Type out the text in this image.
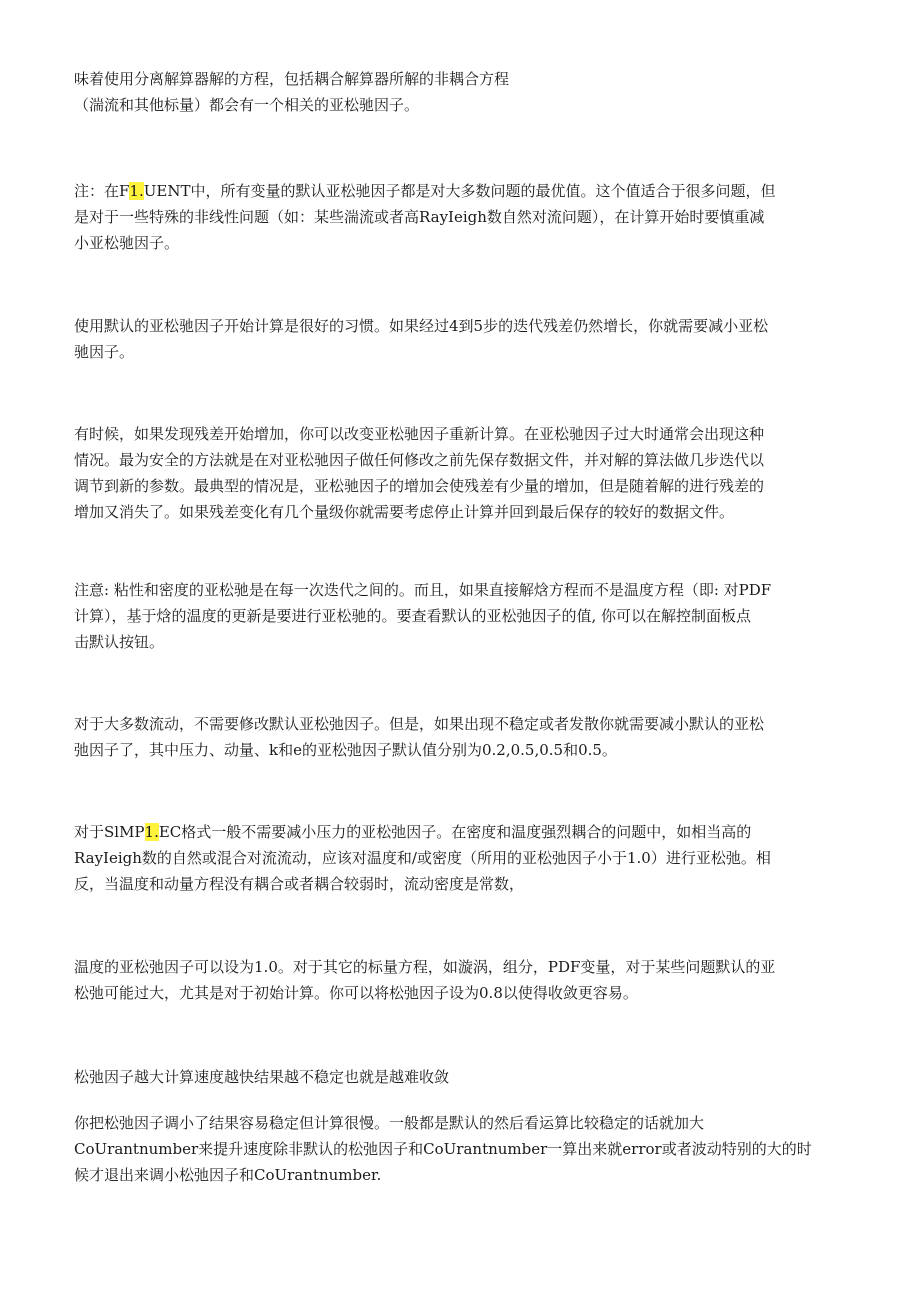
味着使用分离解算器解的方程，包括耦合解算器所解的非耦合方程
（湍流和其他标量）都会有一个相关的亚松驰因子。
注：在F1.UENT中，所有变量的默认亚松驰因子都是对大多数问题的最优值。这个值适合于很多问题，但
是对于一些特殊的非线性问题（如：某些湍流或者高RayIeigh数自然对流问题），在计算开始时要慎重减
小亚松驰因子。
使用默认的亚松驰因子开始计算是很好的习惯。如果经过4到5步的迭代残差仍然增长，你就需要减小亚松
驰因子。
有时候，如果发现残差开始增加，你可以改变亚松驰因子重新计算。在亚松驰因子过大时通常会出现这种
情况。最为安全的方法就是在对亚松驰因子做任何修改之前先保存数据文件，并对解的算法做几步迭代以
调节到新的参数。最典型的情况是，亚松驰因子的增加会使残差有少量的增加，但是随着解的进行残差的
增加又消失了。如果残差变化有几个量级你就需要考虑停止计算并回到最后保存的较好的数据文件。
注意: 粘性和密度的亚松驰是在每一次迭代之间的。而且，如果直接解焓方程而不是温度方程（即: 对PDF
计算），基于焓的温度的更新是要进行亚松驰的。要查看默认的亚松弛因子的值, 你可以在解控制面板点
击默认按钮。
对于大多数流动，不需要修改默认亚松弛因子。但是，如果出现不稳定或者发散你就需要减小默认的亚松
弛因子了，其中压力、动量、k和e的亚松弛因子默认值分别为0.2,0.5,0.5和0.5。
对于SlMP1.EC格式一般不需要减小压力的亚松弛因子。在密度和温度强烈耦合的问题中，如相当高的
RayIeigh数的自然或混合对流流动，应该对温度和/或密度（所用的亚松弛因子小于1.0）进行亚松弛。相
反，当温度和动量方程没有耦合或者耦合较弱时，流动密度是常数，
温度的亚松弛因子可以设为1.0。对于其它的标量方程，如漩涡，组分，PDF变量，对于某些问题默认的亚
松弛可能过大，尤其是对于初始计算。你可以将松弛因子设为0.8以使得收敛更容易。
松弛因子越大计算速度越快结果越不稳定也就是越难收敛
你把松弛因子调小了结果容易稳定但计算很慢。一般都是默认的然后看运算比较稳定的话就加大
CoUrantnumber来提升速度除非默认的松弛因子和CoUrantnumber一算出来就error或者波动特别的大的时
候才退出来调小松弛因子和CoUrantnumber.
